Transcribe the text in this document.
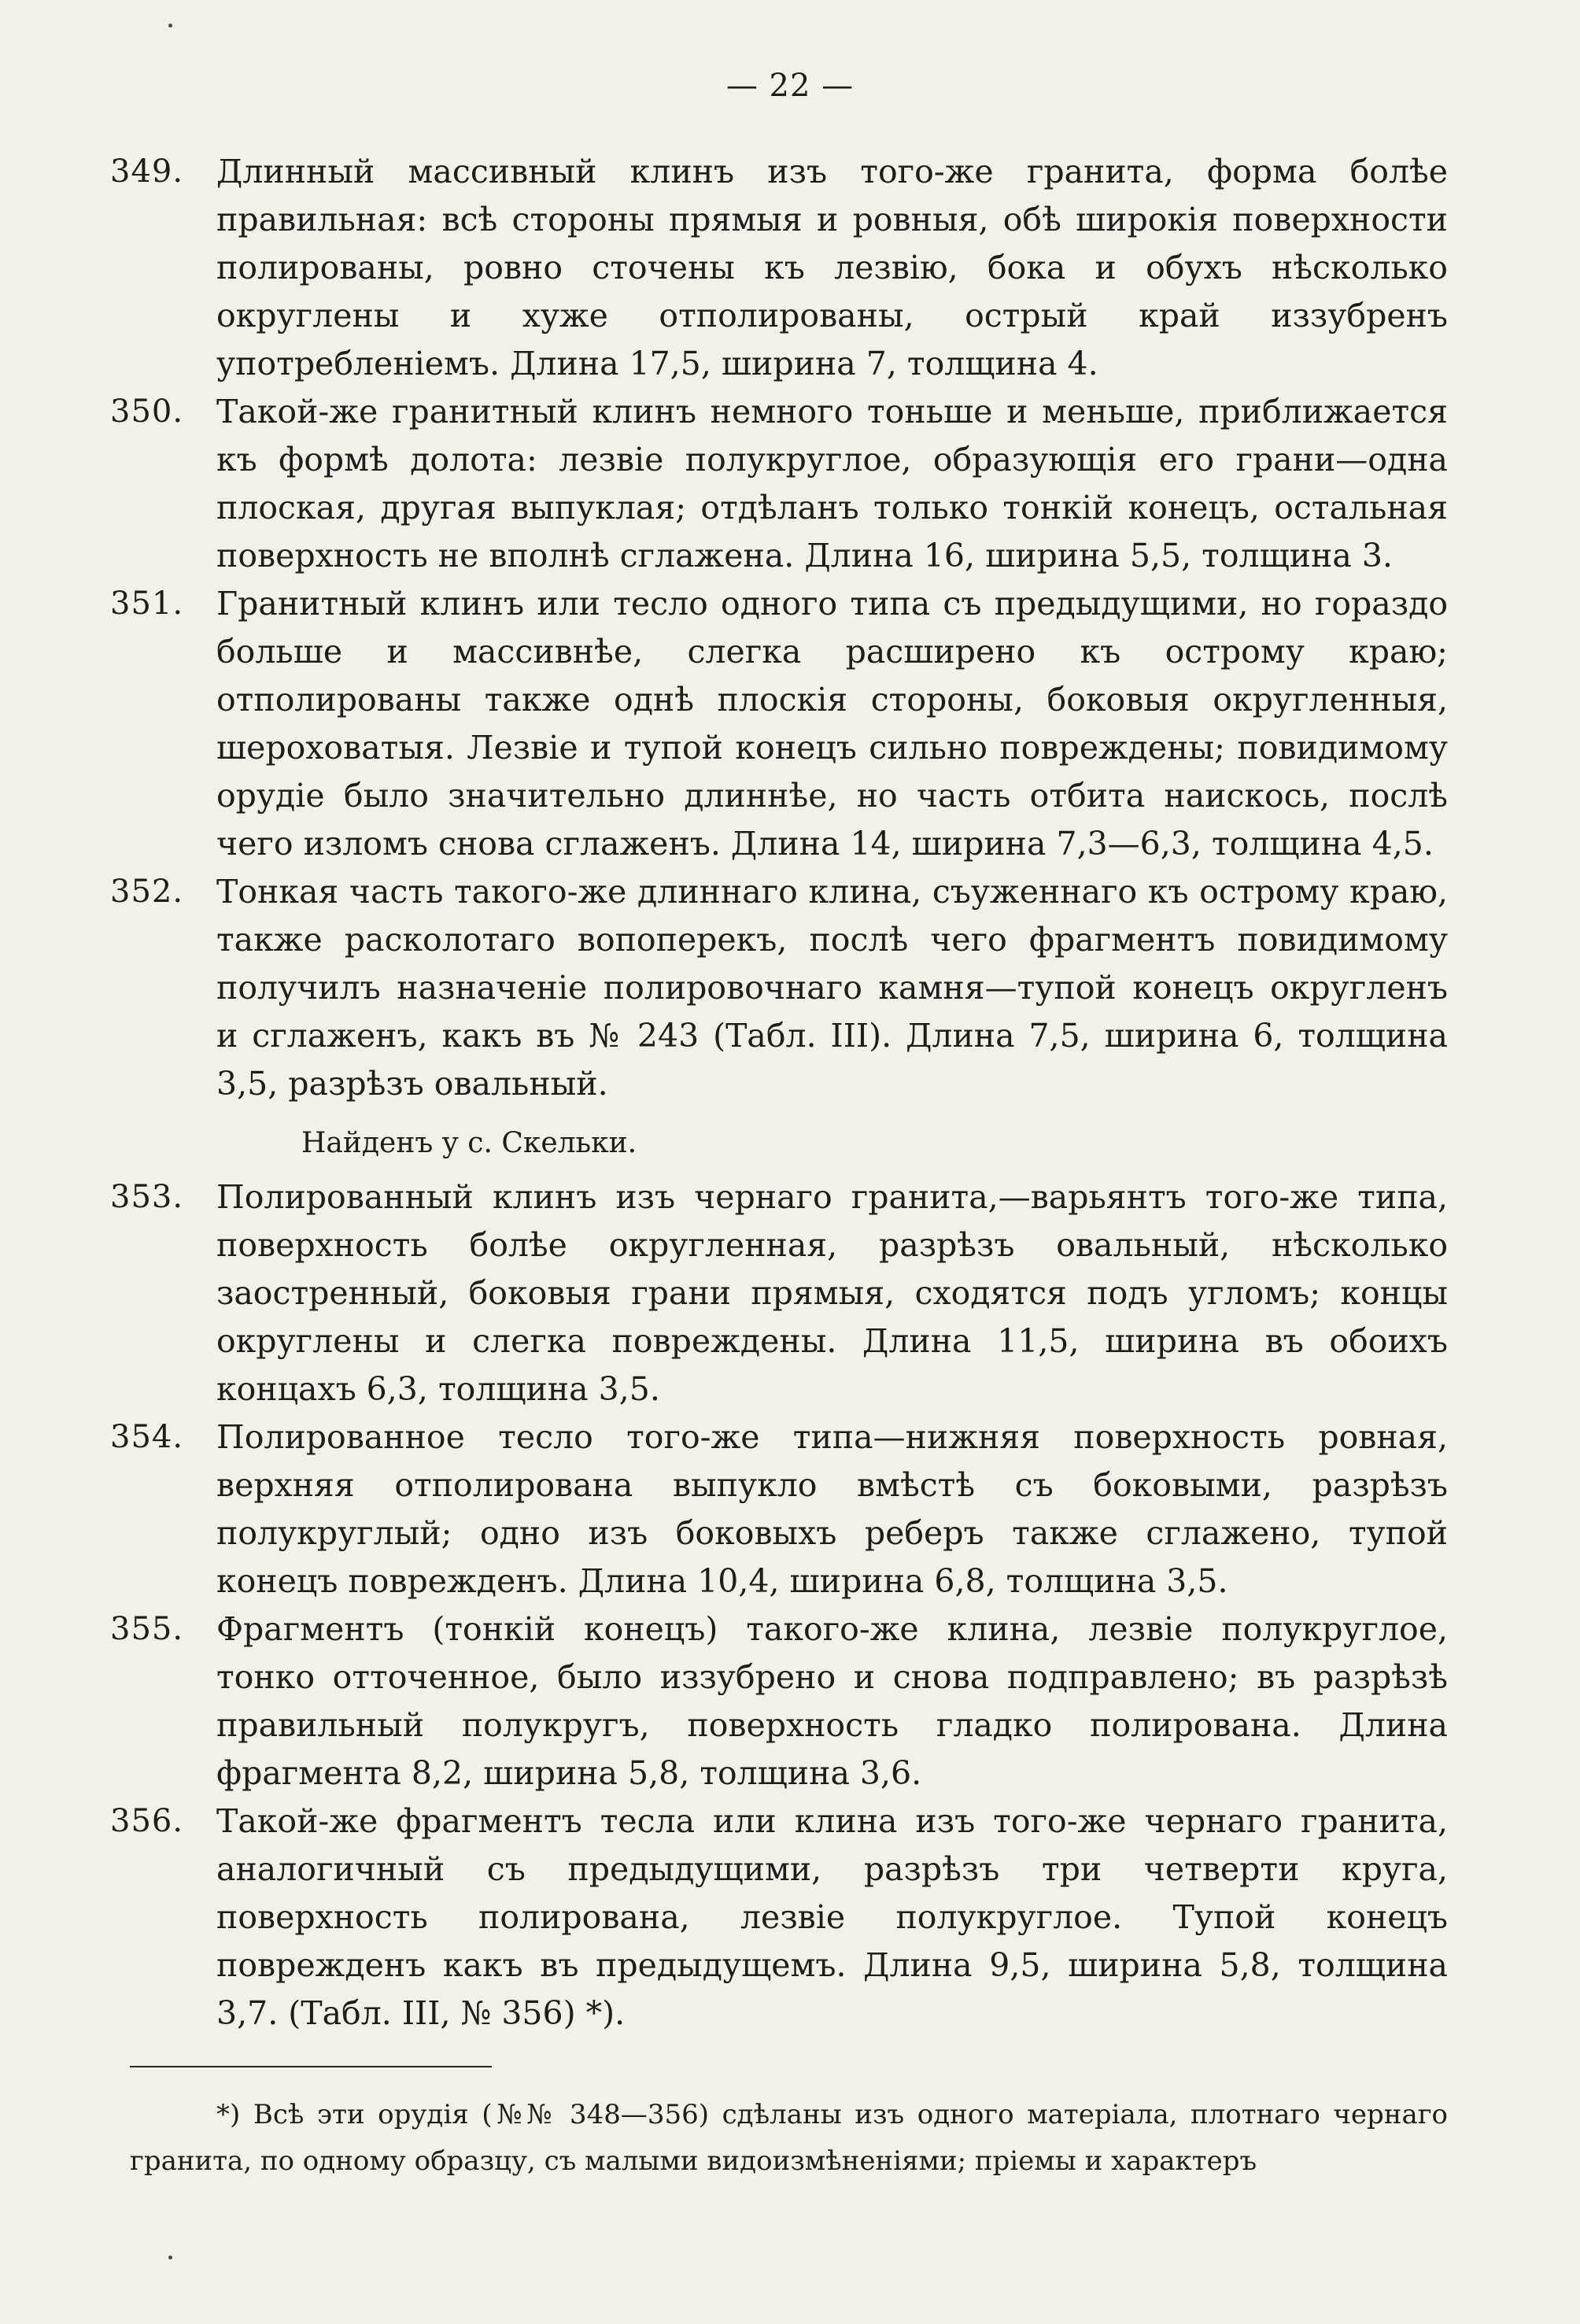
— 22 —

349. Длинный массивный клинъ изъ того-же гранита, форма болѣе правильная: всѣ стороны прямыя и ровныя, обѣ широкія поверхности полированы, ровно сточены къ лезвію, бока и обухъ нѣсколько округлены и хуже отполированы, острый край иззубренъ употребленіемъ. Длина 17,5, ширина 7, толщина 4.

350. Такой-же гранитный клинъ немного тоньше и меньше, приближается къ формѣ долота: лезвіе полукруглое, образующія его грани—одна плоская, другая выпуклая; отдѣланъ только тонкій конецъ, остальная поверхность не вполнѣ сглажена. Длина 16, ширина 5,5, толщина 3.

351. Гранитный клинъ или тесло одного типа съ предыдущими, но гораздо больше и массивнѣе, слегка расширено къ острому краю; отполированы также однѣ плоскія стороны, боковыя округленныя, шероховатыя. Лезвіе и тупой конецъ сильно повреждены; повидимому орудіе было значительно длиннѣе, но часть отбита наискось, послѣ чего изломъ снова сглаженъ. Длина 14, ширина 7,3—6,3, толщина 4,5.

352. Тонкая часть такого-же длиннаго клина, съуженнаго къ острому краю, также расколотаго вопоперекъ, послѣ чего фрагментъ повидимому получилъ назначеніе полировочнаго камня—тупой конецъ округленъ и сглаженъ, какъ въ № 243 (Табл. III). Длина 7,5, ширина 6, толщина 3,5, разрѣзъ овальный.

Найденъ у с. Скельки.

353. Полированный клинъ изъ чернаго гранита,—варьянтъ того-же типа, поверхность болѣе округленная, разрѣзъ овальный, нѣсколько заостренный, боковыя грани прямыя, сходятся подъ угломъ; концы округлены и слегка повреждены. Длина 11,5, ширина въ обоихъ концахъ 6,3, толщина 3,5.

354. Полированное тесло того-же типа—нижняя поверхность ровная, верхняя отполирована выпукло вмѣстѣ съ боковыми, разрѣзъ полукруглый; одно изъ боковыхъ реберъ также сглажено, тупой конецъ поврежденъ. Длина 10,4, ширина 6,8, толщина 3,5.

355. Фрагментъ (тонкій конецъ) такого-же клина, лезвіе полукруглое, тонко отточенное, было иззубрено и снова подправлено; въ разрѣзѣ правильный полукругъ, поверхность гладко полирована. Длина фрагмента 8,2, ширина 5,8, толщина 3,6.

356. Такой-же фрагментъ тесла или клина изъ того-же чернаго гранита, аналогичный съ предыдущими, разрѣзъ три четверти круга, поверхность полирована, лезвіе полукруглое. Тупой конецъ поврежденъ какъ въ предыдущемъ. Длина 9,5, ширина 5,8, толщина 3,7. (Табл. III, № 356) *).

*) Всѣ эти орудія (№№ 348—356) сдѣланы изъ одного матеріала, плотнаго чернаго гранита, по одному образцу, съ малыми видоизмѣненіями; пріемы и характеръ
